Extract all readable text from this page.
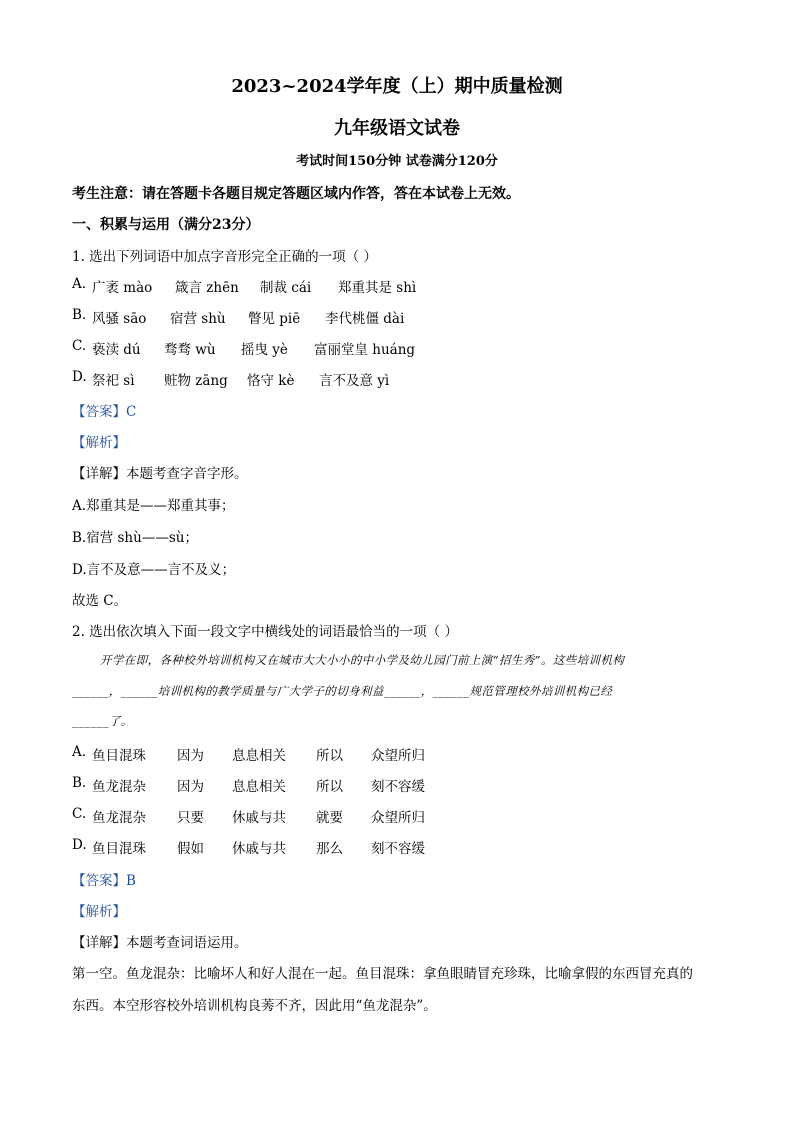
2023~2024学年度（上）期中质量检测
九年级语文试卷
考试时间150分钟 试卷满分120分
考生注意：请在答题卡各题目规定答题区域内作答，答在本试卷上无效。
一、积累与运用（满分23分）
1. 选出下列词语中加点字音形完全正确的一项（ ）
A. 广袤 mào 箴言 zhēn 制裁 cái 郑重其是 shì
B. 风骚 sāo 宿营 shù 瞥见 piē 李代桃僵 dài
C. 亵渎 dú 骛骛 wù 摇曳 yè 富丽堂皇 huáng
D. 祭祀 sì 赃物 zāng 恪守 kè 言不及意 yì
【答案】C
【解析】
【详解】本题考查字音字形。
A.郑重其是——郑重其事；
B.宿营 shù——sù；
D.言不及意——言不及义；
故选 C。
2. 选出依次填入下面一段文字中横线处的词语最恰当的一项（ ）
开学在即，各种校外培训机构又在城市大大小小的中小学及幼儿园门前上演“招生秀”。这些培训机构
______，______培训机构的教学质量与广大学子的切身利益______，______规范管理校外培训机构已经
______了。
A. 鱼目混珠 因为 息息相关 所以 众望所归
B. 鱼龙混杂 因为 息息相关 所以 刻不容缓
C. 鱼龙混杂 只要 休戚与共 就要 众望所归
D. 鱼目混珠 假如 休戚与共 那么 刻不容缓
【答案】B
【解析】
【详解】本题考查词语运用。
第一空。鱼龙混杂：比喻坏人和好人混在一起。鱼目混珠：拿鱼眼睛冒充珍珠，比喻拿假的东西冒充真的
东西。本空形容校外培训机构良莠不齐，因此用“鱼龙混杂”。
